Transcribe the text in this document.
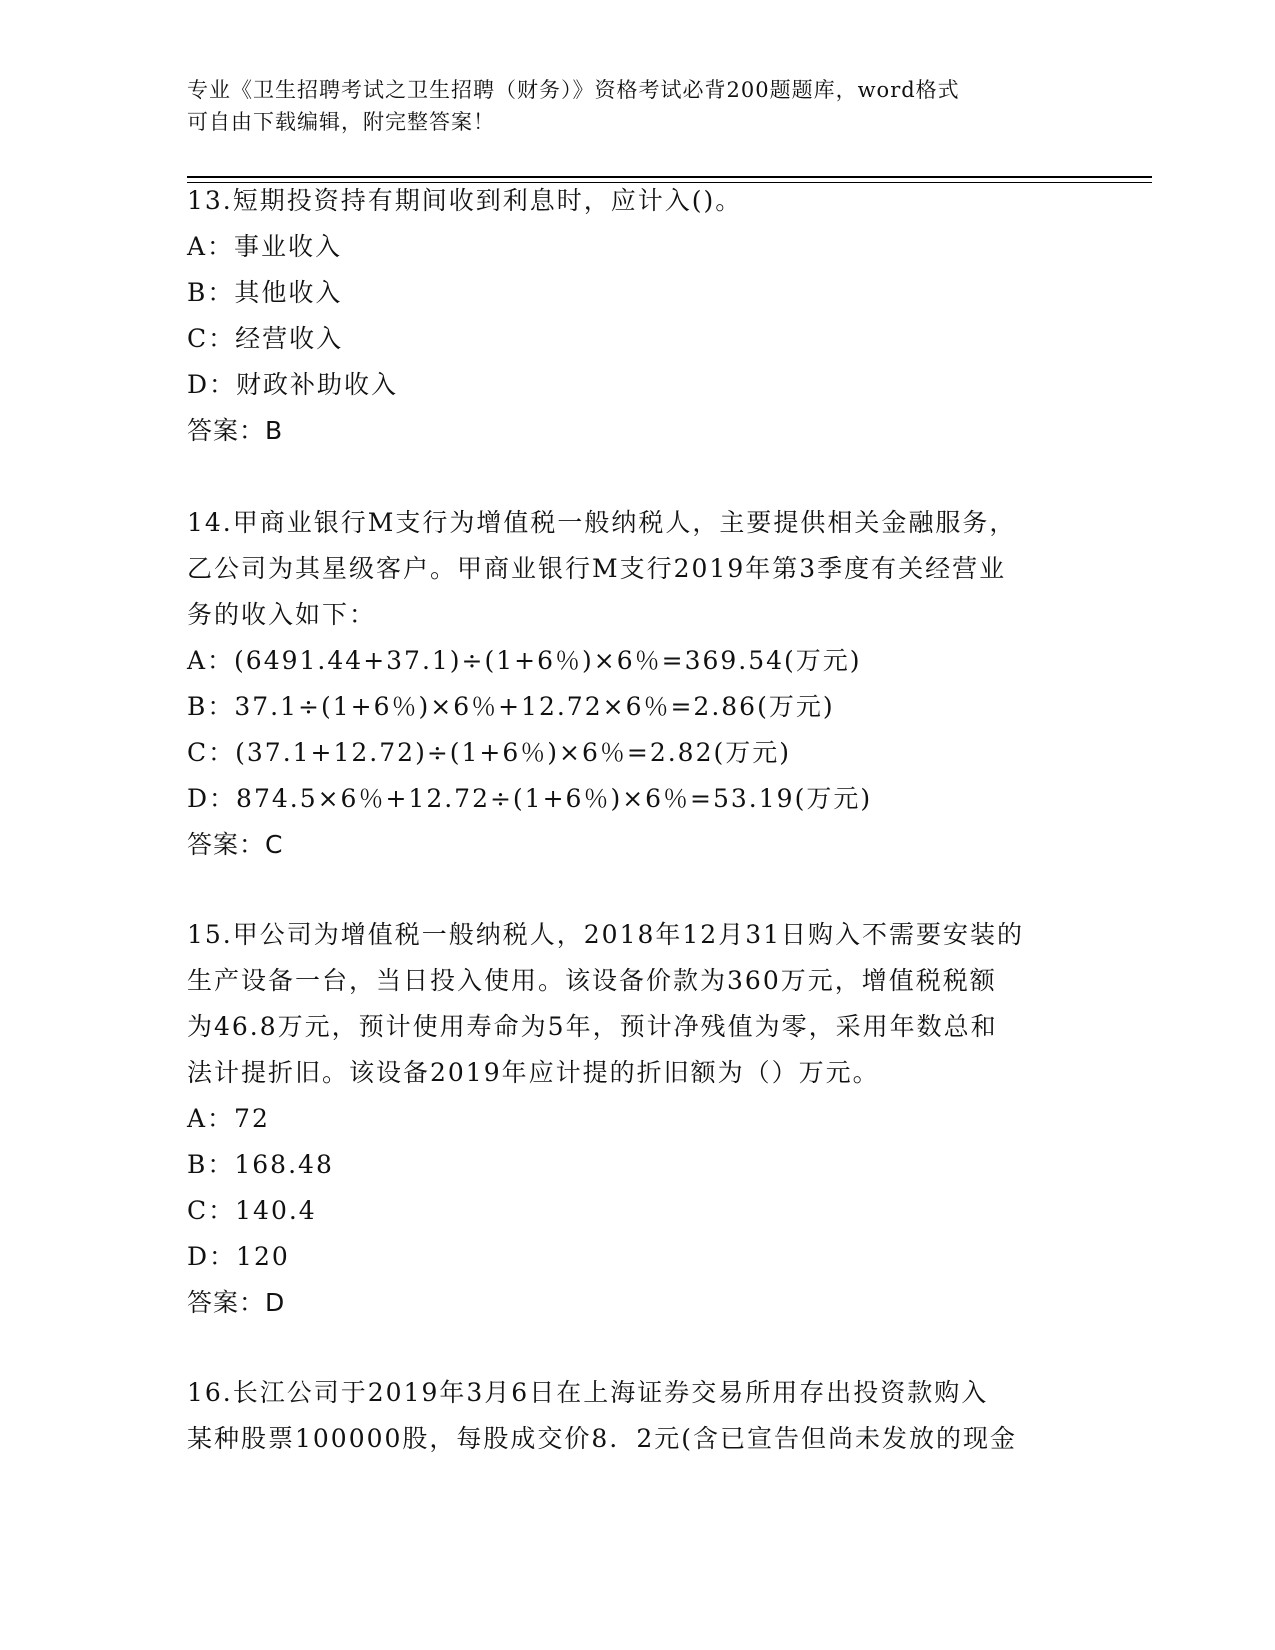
专业《卫生招聘考试之卫生招聘（财务）》资格考试必背200题题库，word格式

可自由下载编辑，附完整答案！

13.短期投资持有期间收到利息时，应计入()。

A：事业收入

B：其他收入

C：经营收入

D：财政补助收入

答案：B

14.甲商业银行M支行为增值税一般纳税人，主要提供相关金融服务，

乙公司为其星级客户。甲商业银行M支行2019年第3季度有关经营业

务的收入如下：

A：(6491.44+37.1)÷(1+6％)×6％=369.54(万元)

B：37.1÷(1+6％)×6％+12.72×6％=2.86(万元)

C：(37.1+12.72)÷(1+6％)×6％=2.82(万元)

D：874.5×6％+12.72÷(1+6％)×6％=53.19(万元)

答案：C

15.甲公司为增值税一般纳税人，2018年12月31日购入不需要安装的

生产设备一台，当日投入使用。该设备价款为360万元，增值税税额

为46.8万元，预计使用寿命为5年，预计净残值为零，采用年数总和

法计提折旧。该设备2019年应计提的折旧额为（）万元。

A：72

B：168.48

C：140.4

D：120

答案：D

16.长江公司于2019年3月6日在上海证券交易所用存出投资款购入

某种股票100000股，每股成交价8．2元(含已宣告但尚未发放的现金
